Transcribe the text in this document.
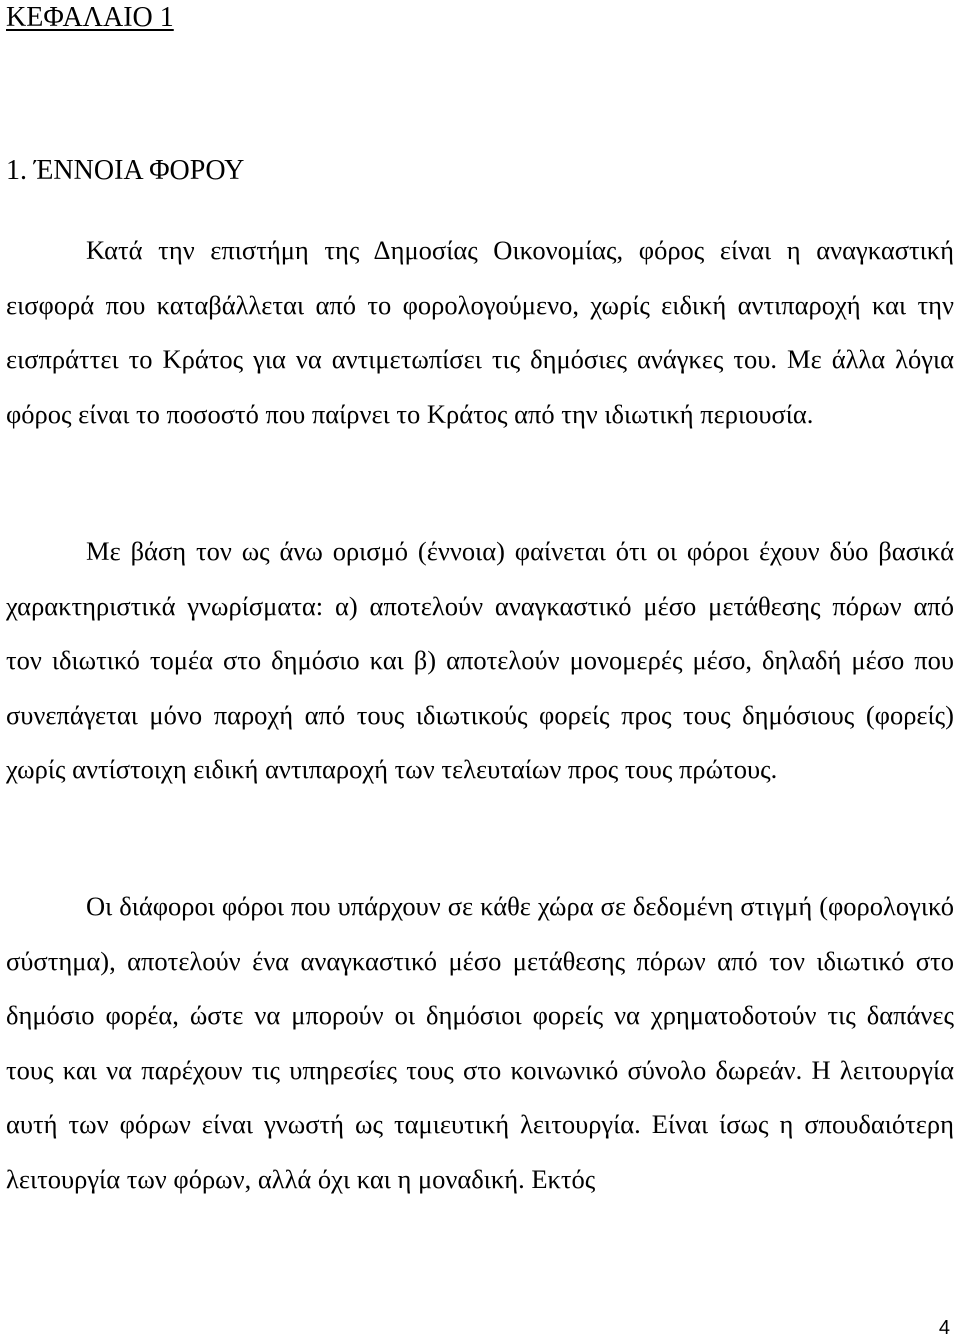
ΚΕΦΑΛΑΙΟ 1
1. ΈΝΝΟΙΑ ΦΟΡΟΥ

Κατά την επιστήμη της Δημοσίας Οικονομίας, φόρος είναι η αναγκαστική εισφορά που καταβάλλεται από το φορολογούμενο, χωρίς ειδική αντιπαροχή και την εισπράττει το Κράτος για να αντιμετωπίσει τις δημόσιες ανάγκες του. Με άλλα λόγια φόρος είναι το ποσοστό που παίρνει το Κράτος από την ιδιωτική περιουσία.

Με βάση τον ως άνω ορισμό (έννοια) φαίνεται ότι οι φόροι έχουν δύο βασικά χαρακτηριστικά γνωρίσματα: α) αποτελούν αναγκαστικό μέσο μετάθεσης πόρων από τον ιδιωτικό τομέα στο δημόσιο και β) αποτελούν μονομερές μέσο, δηλαδή μέσο που συνεπάγεται μόνο παροχή από τους ιδιωτικούς φορείς προς τους δημόσιους (φορείς) χωρίς αντίστοιχη ειδική αντιπαροχή των τελευταίων προς τους πρώτους.

Οι διάφοροι φόροι που υπάρχουν σε κάθε χώρα σε δεδομένη στιγμή (φορολογικό σύστημα), αποτελούν ένα αναγκαστικό μέσο μετάθεσης πόρων από τον ιδιωτικό στο δημόσιο φορέα, ώστε να μπορούν οι δημόσιοι φορείς να χρηματοδοτούν τις δαπάνες τους και να παρέχουν τις υπηρεσίες τους στο κοινωνικό σύνολο δωρεάν. Η λειτουργία αυτή των φόρων είναι γνωστή ως ταμιευτική λειτουργία. Είναι ίσως η σπουδαιότερη λειτουργία των φόρων, αλλά όχι και η μοναδική. Εκτός

4
